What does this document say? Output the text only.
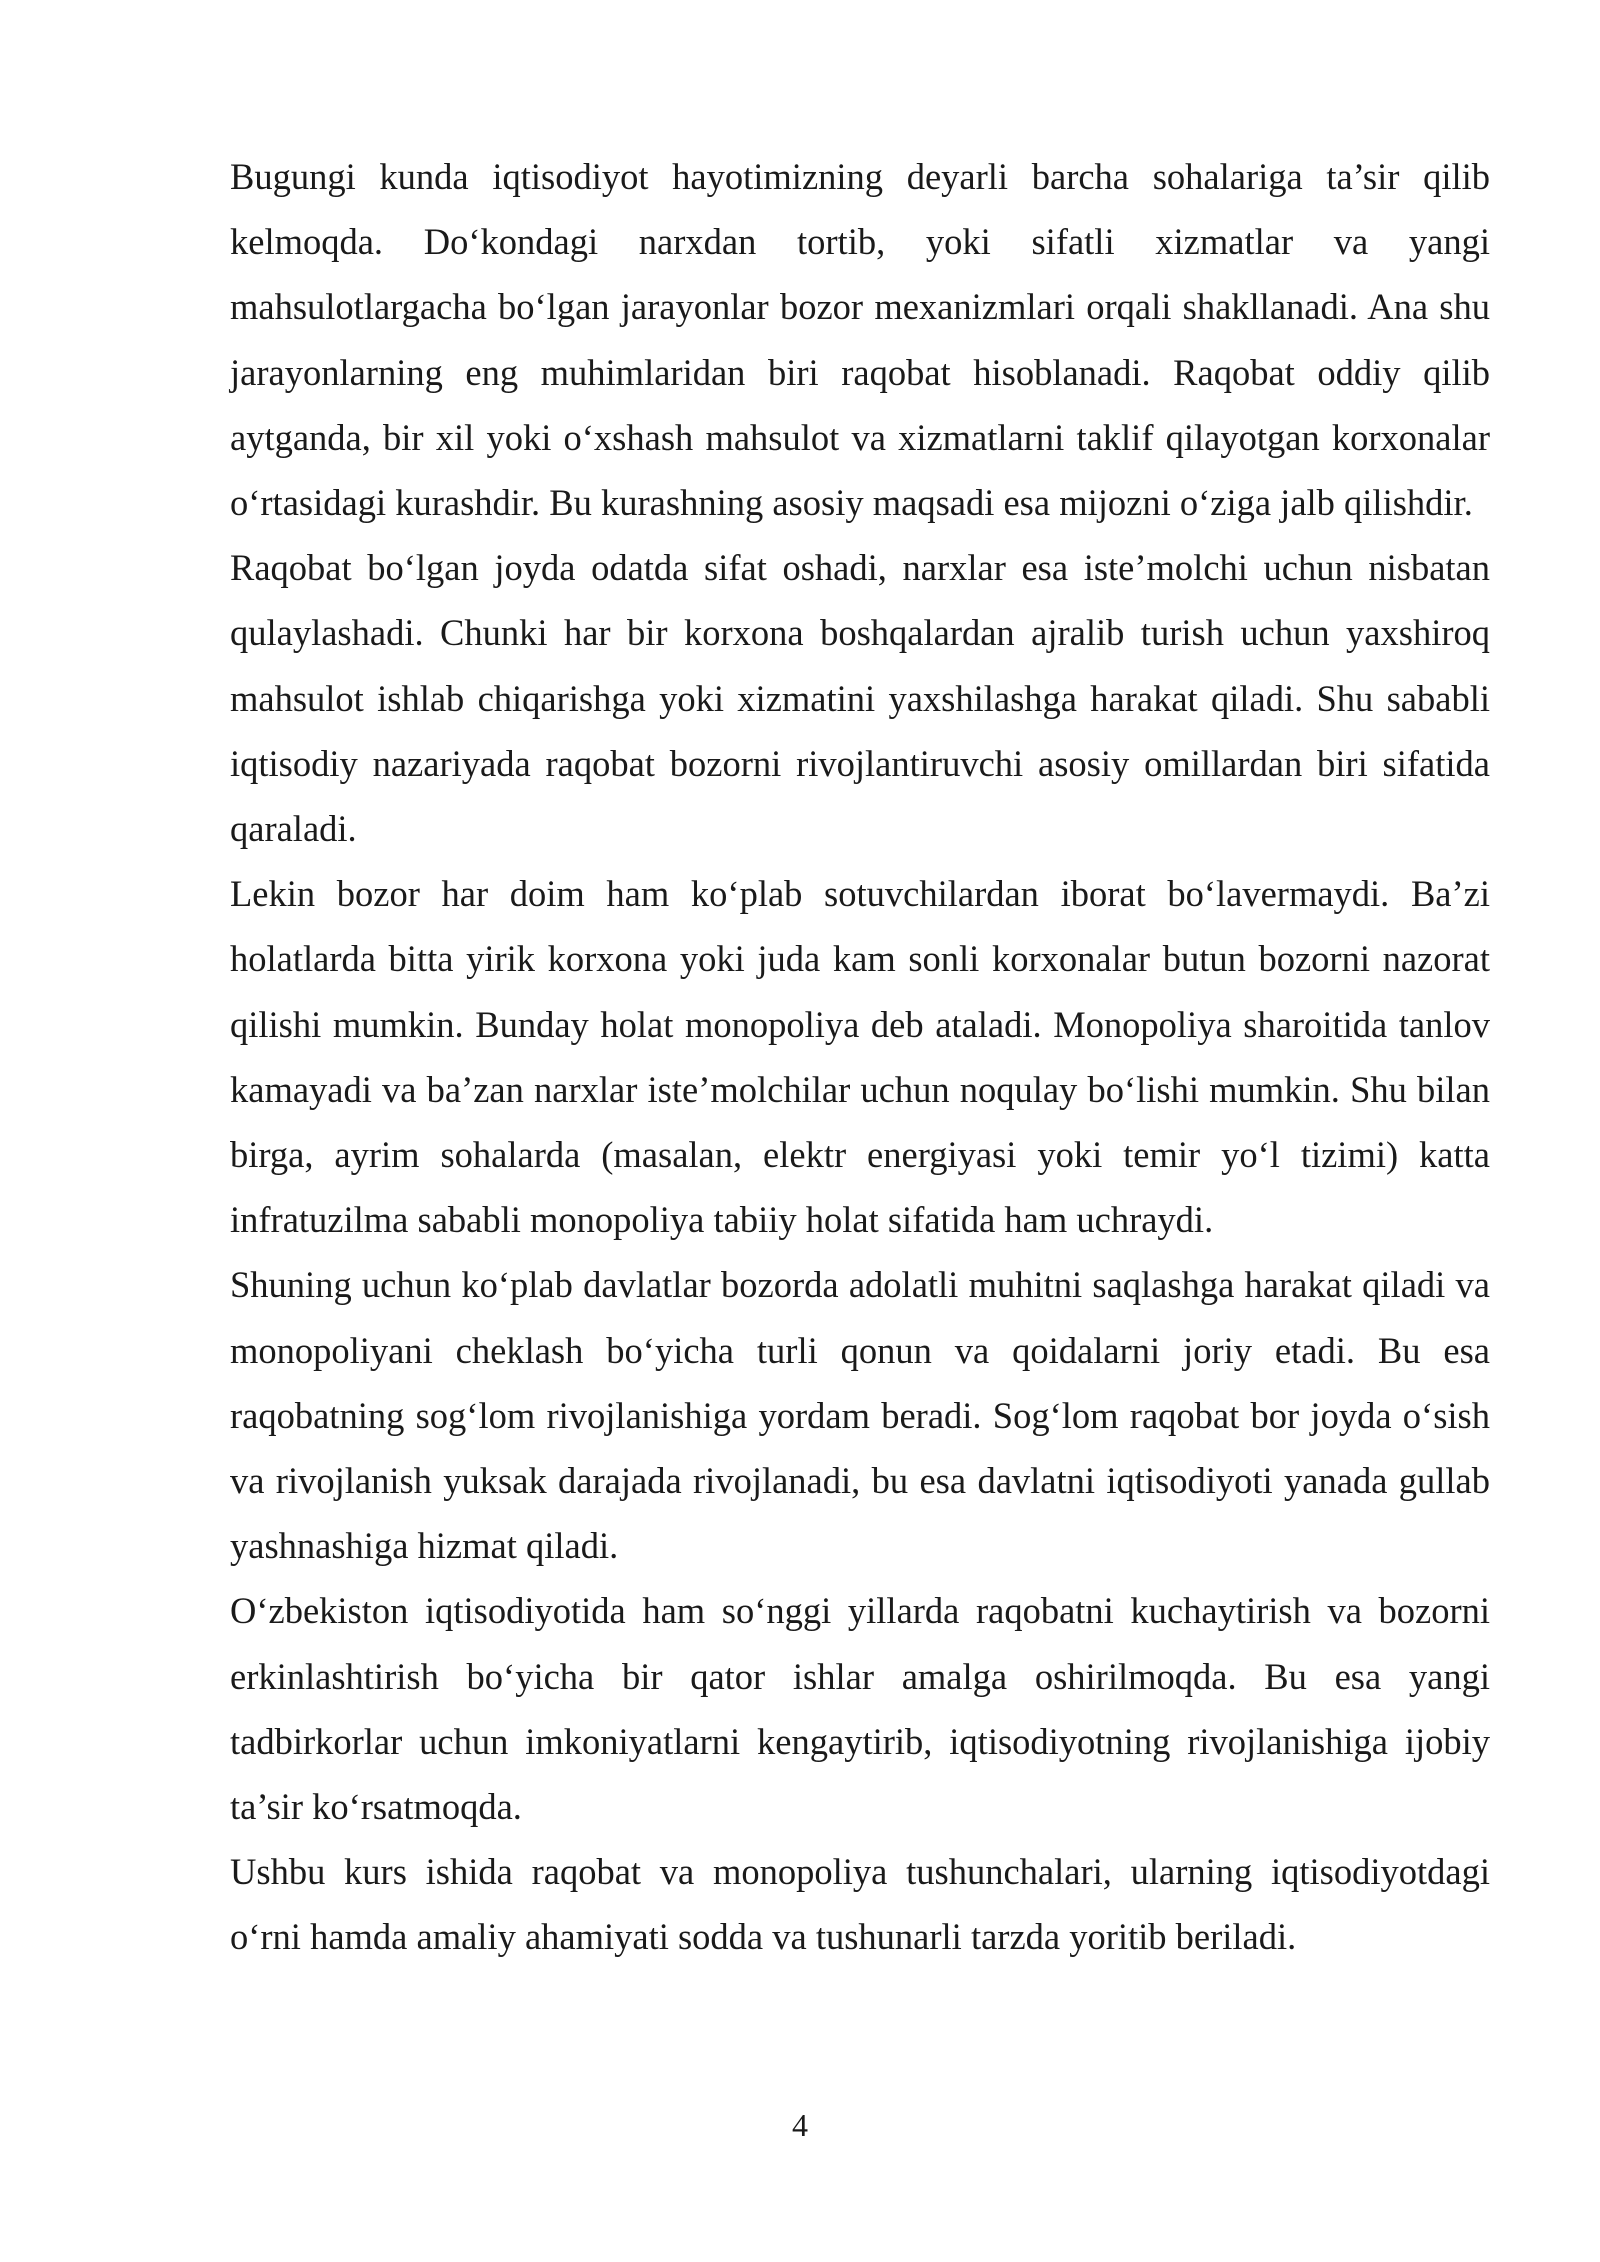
Bugungi kunda iqtisodiyot hayotimizning deyarli barcha sohalariga ta’sir qilib kelmoqda. Do‘kondagi narxdan tortib, yoki sifatli xizmatlar va yangi mahsulotlargacha bo‘lgan jarayonlar bozor mexanizmlari orqali shakllanadi. Ana shu jarayonlarning eng muhimlaridan biri raqobat hisoblanadi. Raqobat oddiy qilib aytganda, bir xil yoki o‘xshash mahsulot va xizmatlarni taklif qilayotgan korxonalar o‘rtasidagi kurashdir. Bu kurashning asosiy maqsadi esa mijozni o‘ziga jalb qilishdir.

Raqobat bo‘lgan joyda odatda sifat oshadi, narxlar esa iste’molchi uchun nisbatan qulaylashadi. Chunki har bir korxona boshqalardan ajralib turish uchun yaxshiroq mahsulot ishlab chiqarishga yoki xizmatini yaxshilashga harakat qiladi. Shu sababli iqtisodiy nazariyada raqobat bozorni rivojlantiruvchi asosiy omillardan biri sifatida qaraladi.

Lekin bozor har doim ham ko‘plab sotuvchilardan iborat bo‘lavermaydi. Ba’zi holatlarda bitta yirik korxona yoki juda kam sonli korxonalar butun bozorni nazorat qilishi mumkin. Bunday holat monopoliya deb ataladi. Monopoliya sharoitida tanlov kamayadi va ba’zan narxlar iste’molchilar uchun noqulay bo‘lishi mumkin. Shu bilan birga, ayrim sohalarda (masalan, elektr energiyasi yoki temir yo‘l tizimi) katta infratuzilma sababli monopoliya tabiiy holat sifatida ham uchraydi.

Shuning uchun ko‘plab davlatlar bozorda adolatli muhitni saqlashga harakat qiladi va monopoliyani cheklash bo‘yicha turli qonun va qoidalarni joriy etadi. Bu esa raqobatning sog‘lom rivojlanishiga yordam beradi. Sog‘lom raqobat bor joyda o‘sish va rivojlanish yuksak darajada rivojlanadi, bu esa davlatni iqtisodiyoti yanada gullab yashnashiga hizmat qiladi.

O‘zbekiston iqtisodiyotida ham so‘nggi yillarda raqobatni kuchaytirish va bozorni erkinlashtirish bo‘yicha bir qator ishlar amalga oshirilmoqda. Bu esa yangi tadbirkorlar uchun imkoniyatlarni kengaytirib, iqtisodiyotning rivojlanishiga ijobiy ta’sir ko‘rsatmoqda.

Ushbu kurs ishida raqobat va monopoliya tushunchalari, ularning iqtisodiyotdagi o‘rni hamda amaliy ahamiyati sodda va tushunarli tarzda yoritib beriladi.

4
